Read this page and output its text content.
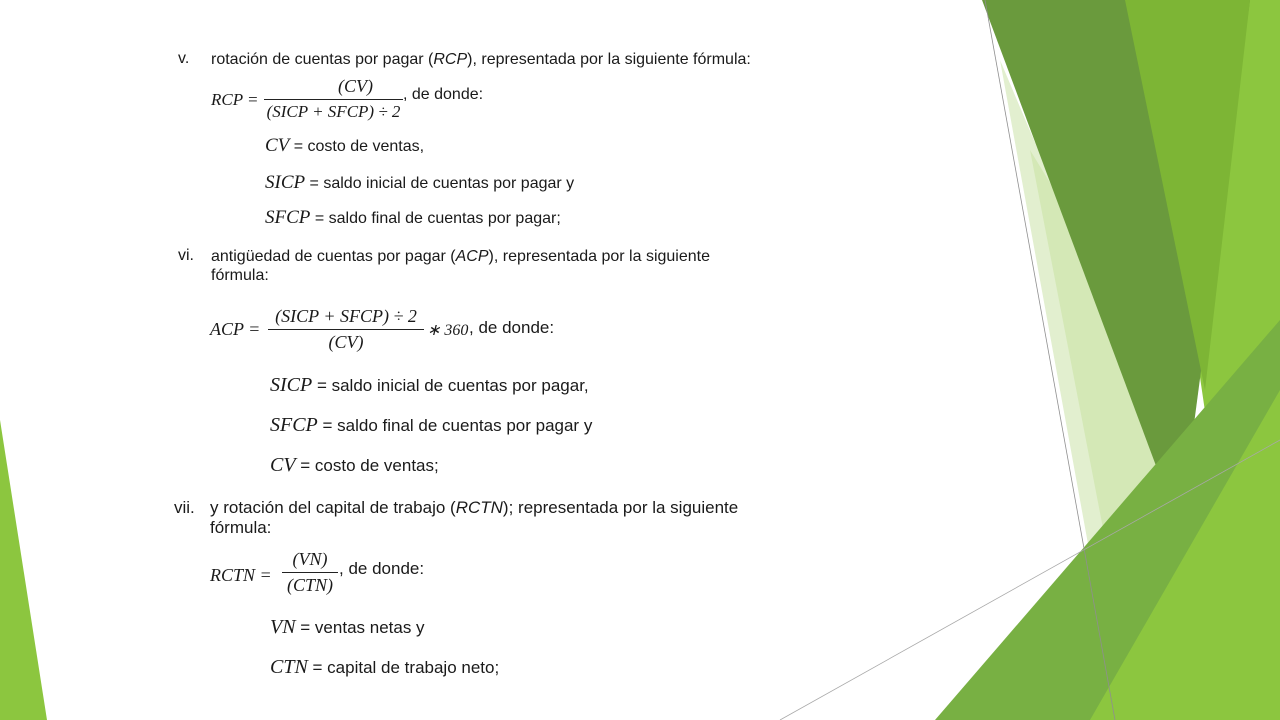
v. rotación de cuentas por pagar (RCP), representada por la siguiente fórmula:
RCP =
(CV)
(SICP + SFCP) ÷ 2
, de donde:
CV = costo de ventas,
SICP = saldo inicial de cuentas por pagar y
SFCP = saldo final de cuentas por pagar;
vi. antigüedad de cuentas por pagar (ACP), representada por la siguiente
fórmula:
ACP =
(SICP + SFCP) ÷ 2
(CV)
∗ 360 , de donde:
SICP = saldo inicial de cuentas por pagar,
SFCP = saldo final de cuentas por pagar y
CV = costo de ventas;
vii. y rotación del capital de trabajo (RCTN); representada por la siguiente
fórmula:
RCTN =
(VN)
(CTN)
, de donde:
VN = ventas netas y
CTN = capital de trabajo neto;
